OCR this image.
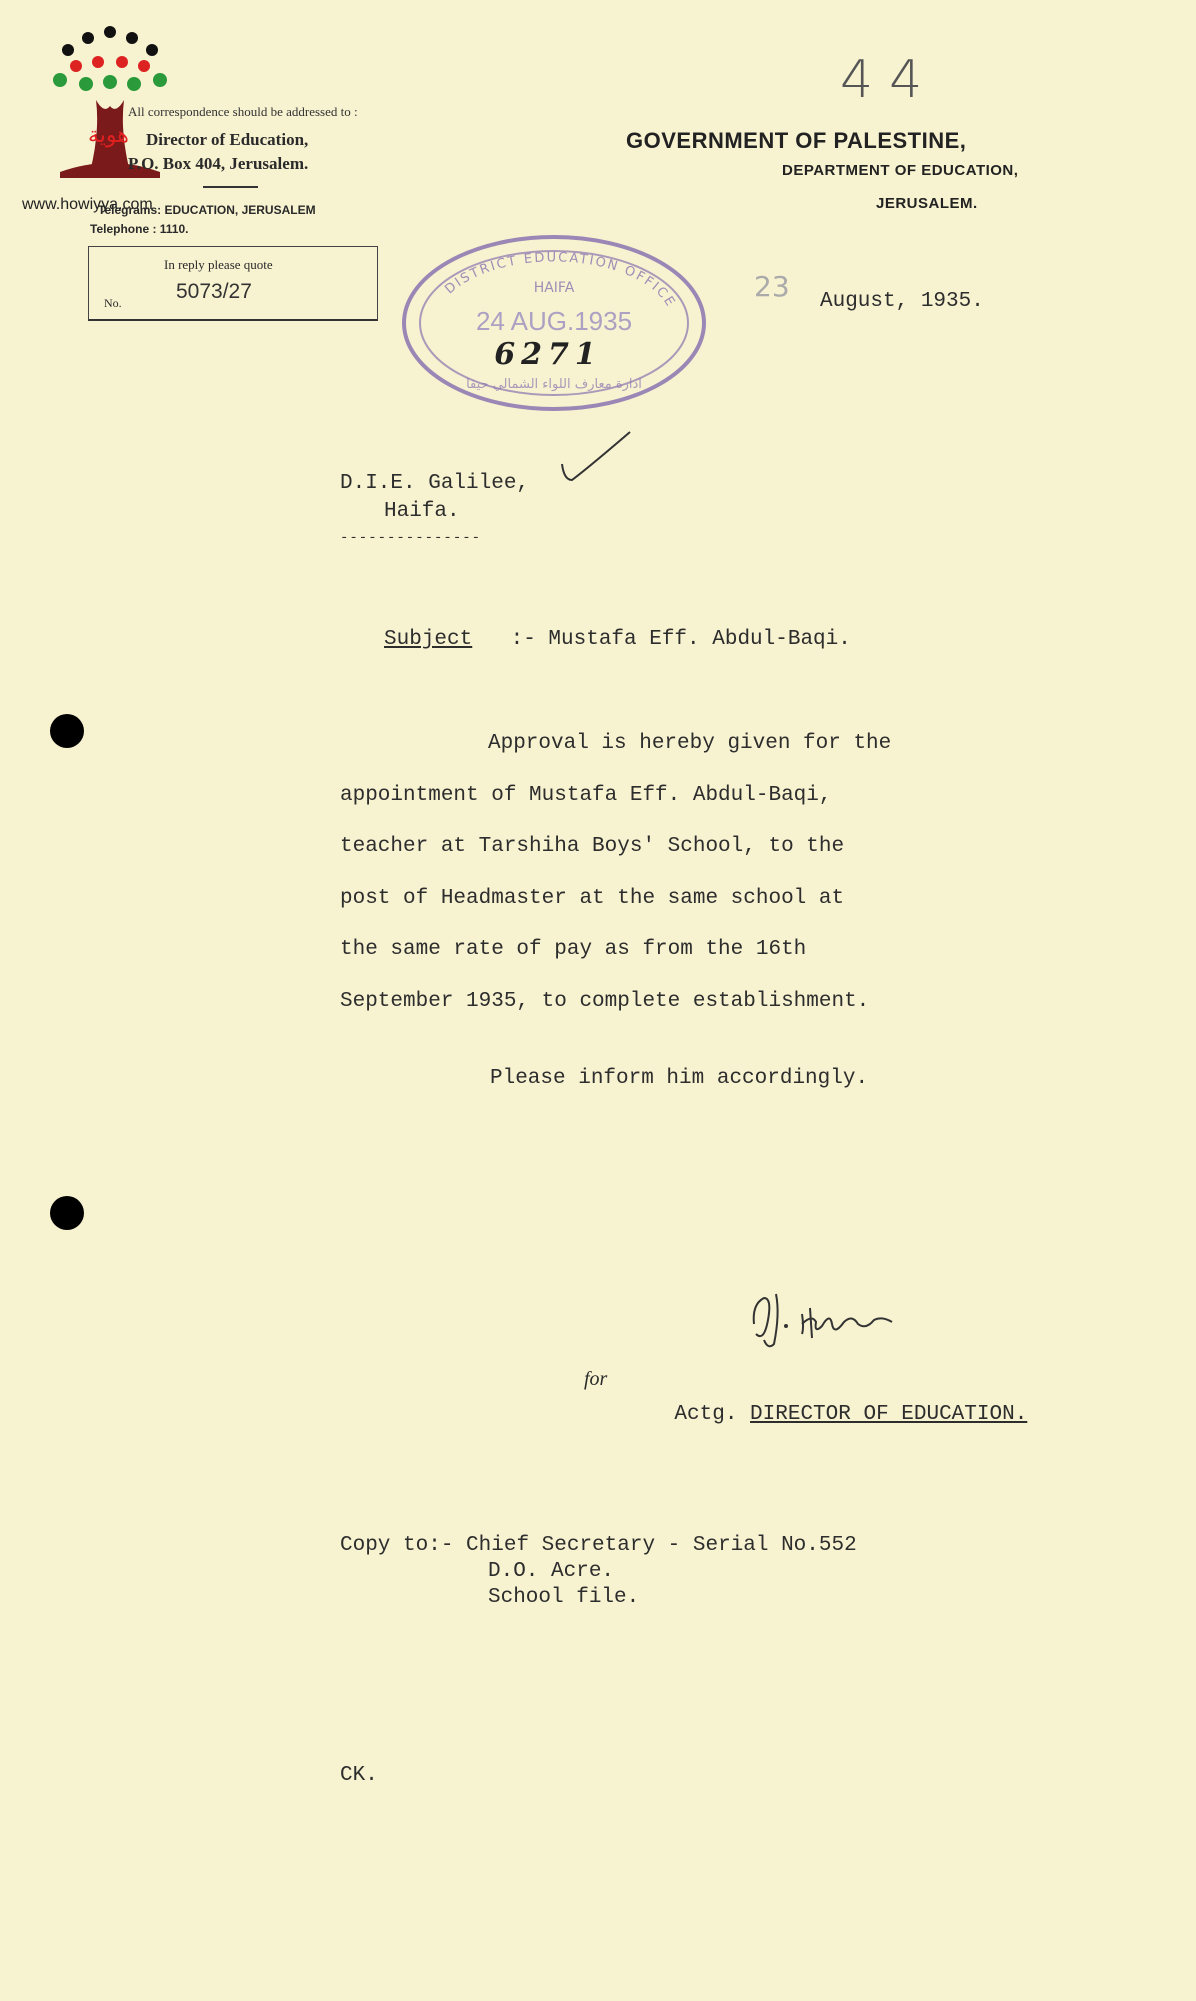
44
هوية
www.howiyya.com
All correspondence should be addressed to :
Director of Education,
P.O. Box 404, Jerusalem.
Telegrams: EDUCATION, JERUSALEM
Telephone : 1110.
In reply please quote
No.	5073/27
GOVERNMENT OF PALESTINE,
DEPARTMENT OF EDUCATION,
JERUSALEM.
DISTRICT EDUCATION OFFICE
HAIFA
24 AUG.1935
6271
ادارة معارف اللواء الشمالي حيفا
23 August, 1935.
D.I.E. Galilee,
Haifa.
---------------
Subject :- Mustafa Eff. Abdul-Baqi.
Approval is hereby given for the
appointment of Mustafa Eff. Abdul-Baqi,
teacher at Tarshiha Boys' School, to the
post of Headmaster at the same school at
the same rate of pay as from the 16th
September 1935, to complete establishment.
Please inform him accordingly.
for

Actg. DIRECTOR OF EDUCATION.

Copy to:- Chief Secretary - Serial No.552
D.O. Acre.
School file.
CK.
